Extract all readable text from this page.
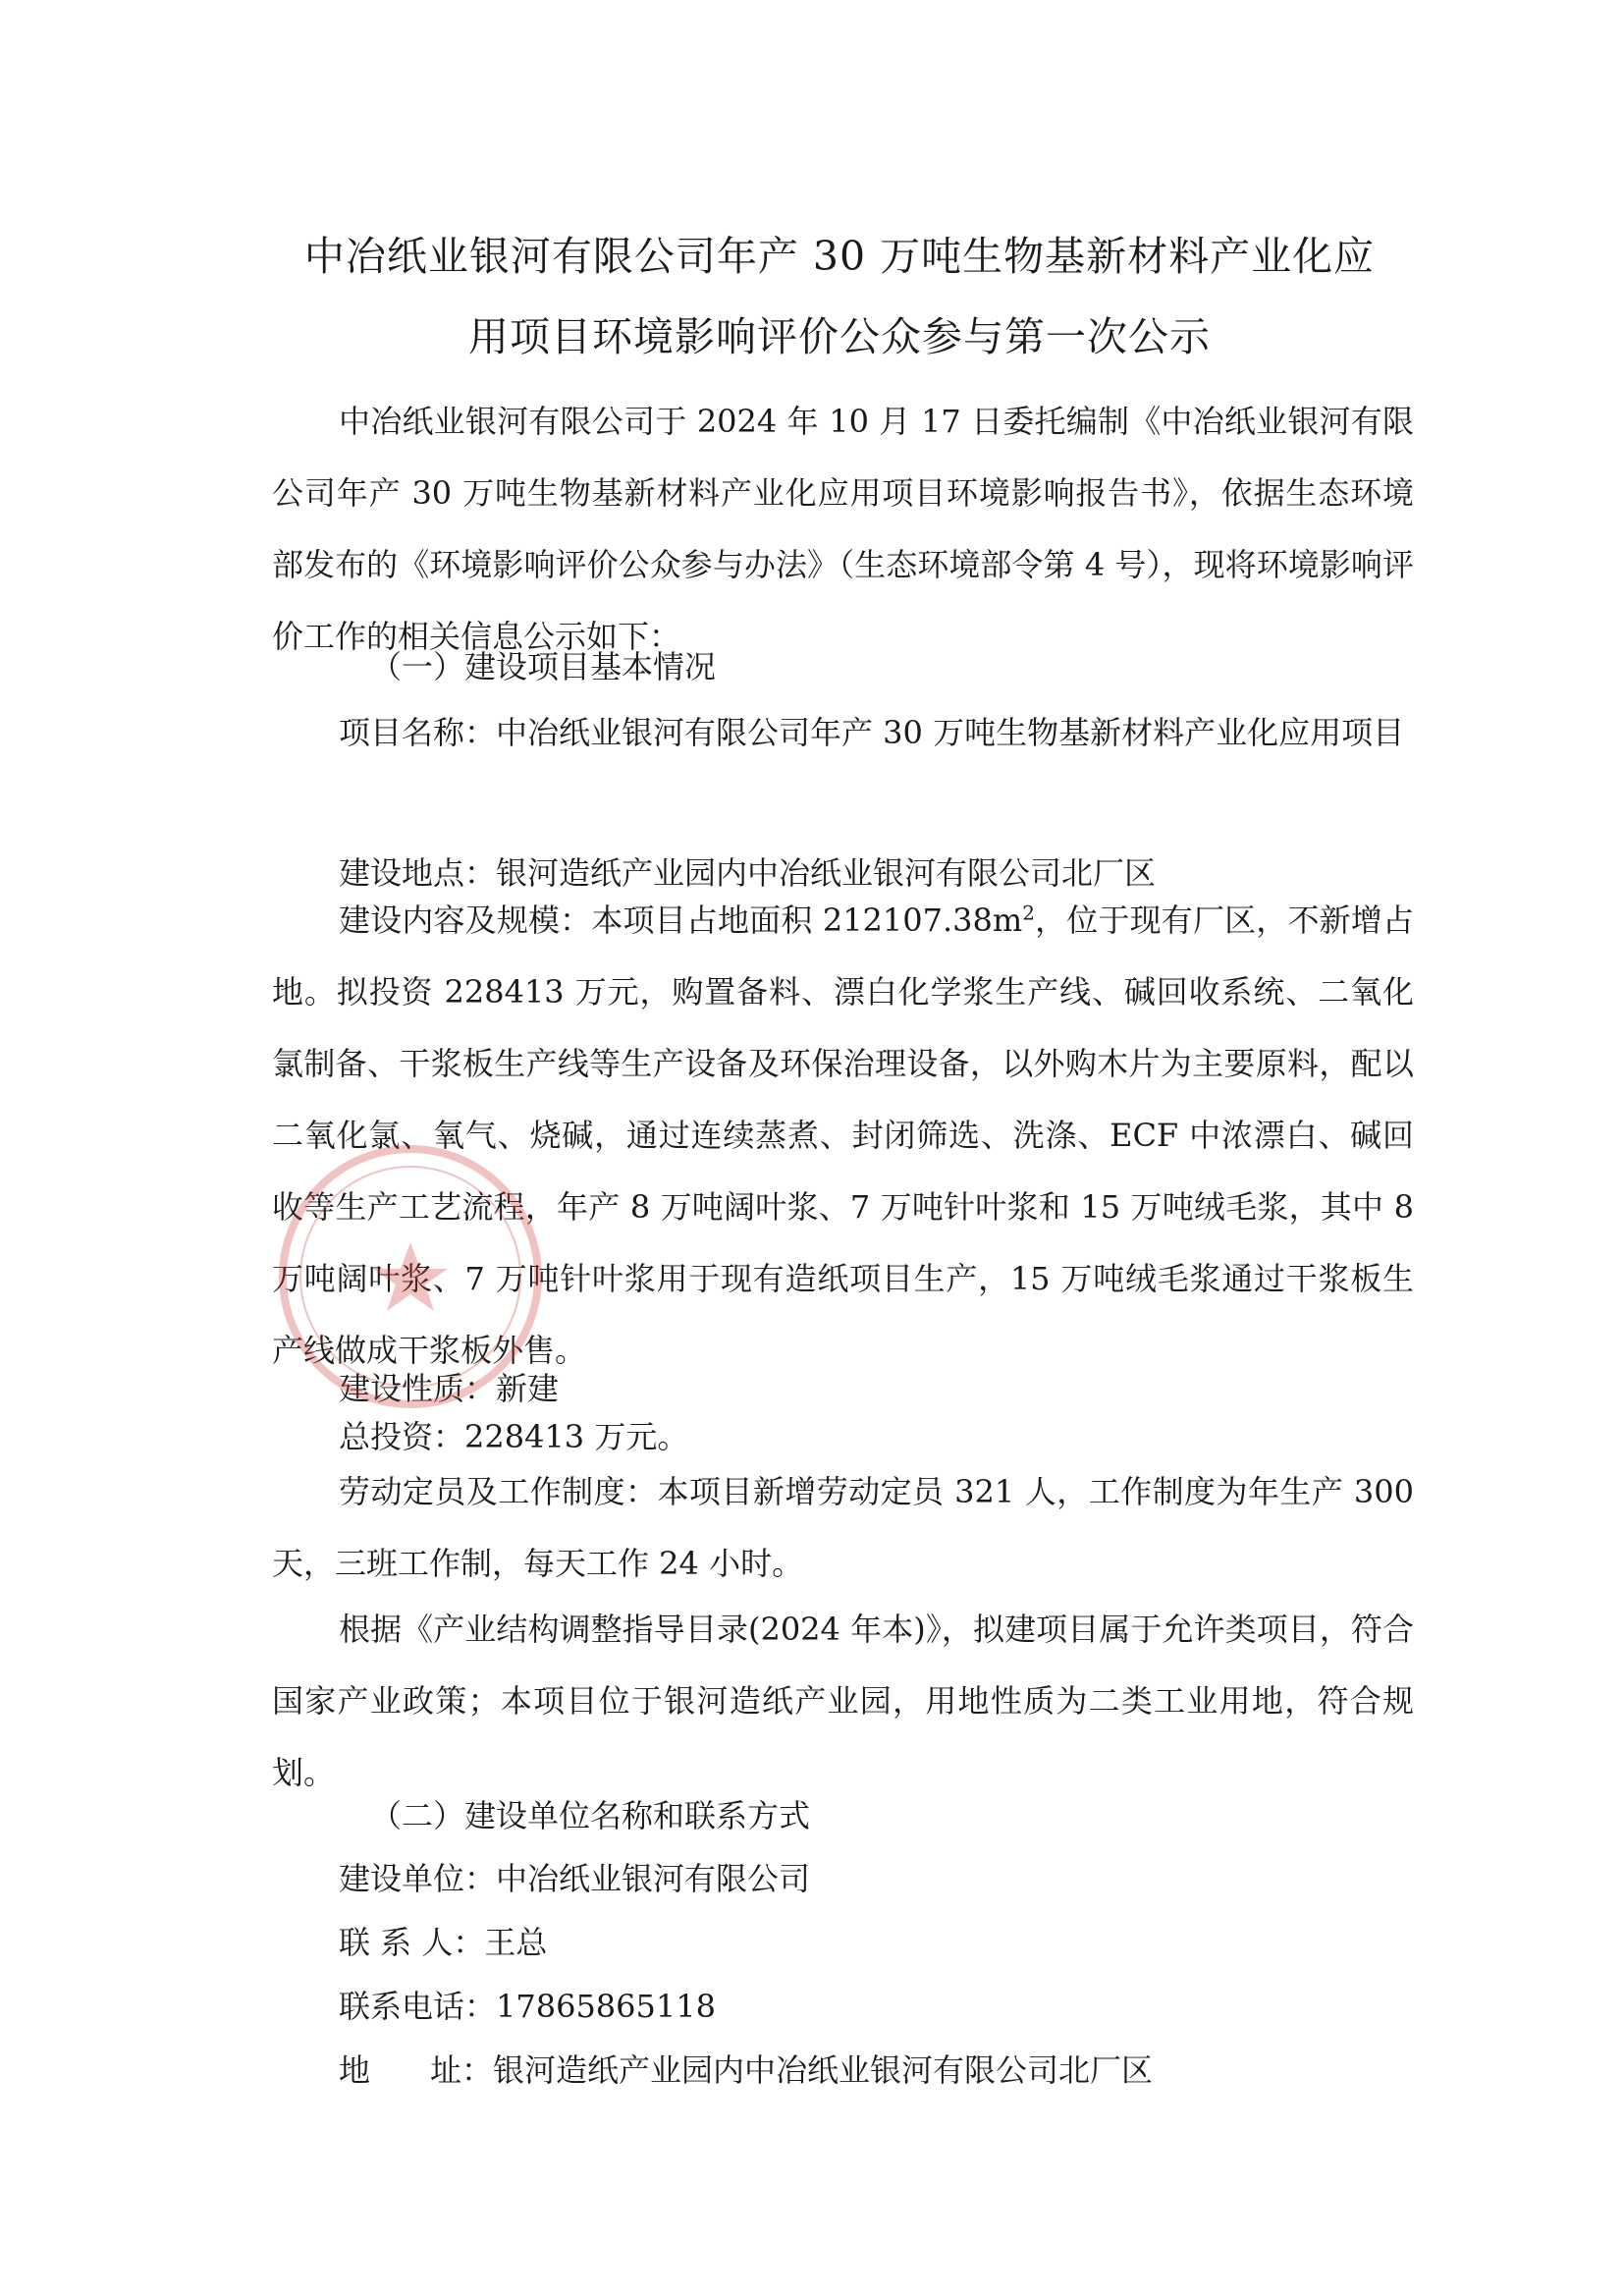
中冶纸业银河有限公司年产 30 万吨生物基新材料产业化应
用项目环境影响评价公众参与第一次公示

中冶纸业银河有限公司于 2024 年 10 月 17 日委托编制《中冶纸业银河有限公司年产 30 万吨生物基新材料产业化应用项目环境影响报告书》，依据生态环境部发布的《环境影响评价公众参与办法》（生态环境部令第 4 号），现将环境影响评价工作的相关信息公示如下：

（一）建设项目基本情况

项目名称：中冶纸业银河有限公司年产 30 万吨生物基新材料产业化应用项目

建设地点：银河造纸产业园内中冶纸业银河有限公司北厂区

建设内容及规模：本项目占地面积 $212107.38m^2$，位于现有厂区，不新增占地。拟投资 228413 万元，购置备料、漂白化学浆生产线、碱回收系统、二氧化氯制备、干浆板生产线等生产设备及环保治理设备，以外购木片为主要原料，配以二氧化氯、氧气、烧碱，通过连续蒸煮、封闭筛选、洗涤、ECF 中浓漂白、碱回收等生产工艺流程，年产 8 万吨阔叶浆、7 万吨针叶浆和 15 万吨绒毛浆，其中 8 万吨阔叶浆、7 万吨针叶浆用于现有造纸项目生产，15 万吨绒毛浆通过干浆板生产线做成干浆板外售。

建设性质：新建

总投资：228413 万元。

劳动定员及工作制度：本项目新增劳动定员 321 人，工作制度为年生产 300 天，三班工作制，每天工作 24 小时。

根据《产业结构调整指导目录(2024 年本)》，拟建项目属于允许类项目，符合国家产业政策；本项目位于银河造纸产业园，用地性质为二类工业用地，符合规划。

（二）建设单位名称和联系方式

建设单位：中冶纸业银河有限公司

联 系 人：王总

联系电话：17865865118

地      址：银河造纸产业园内中冶纸业银河有限公司北厂区
